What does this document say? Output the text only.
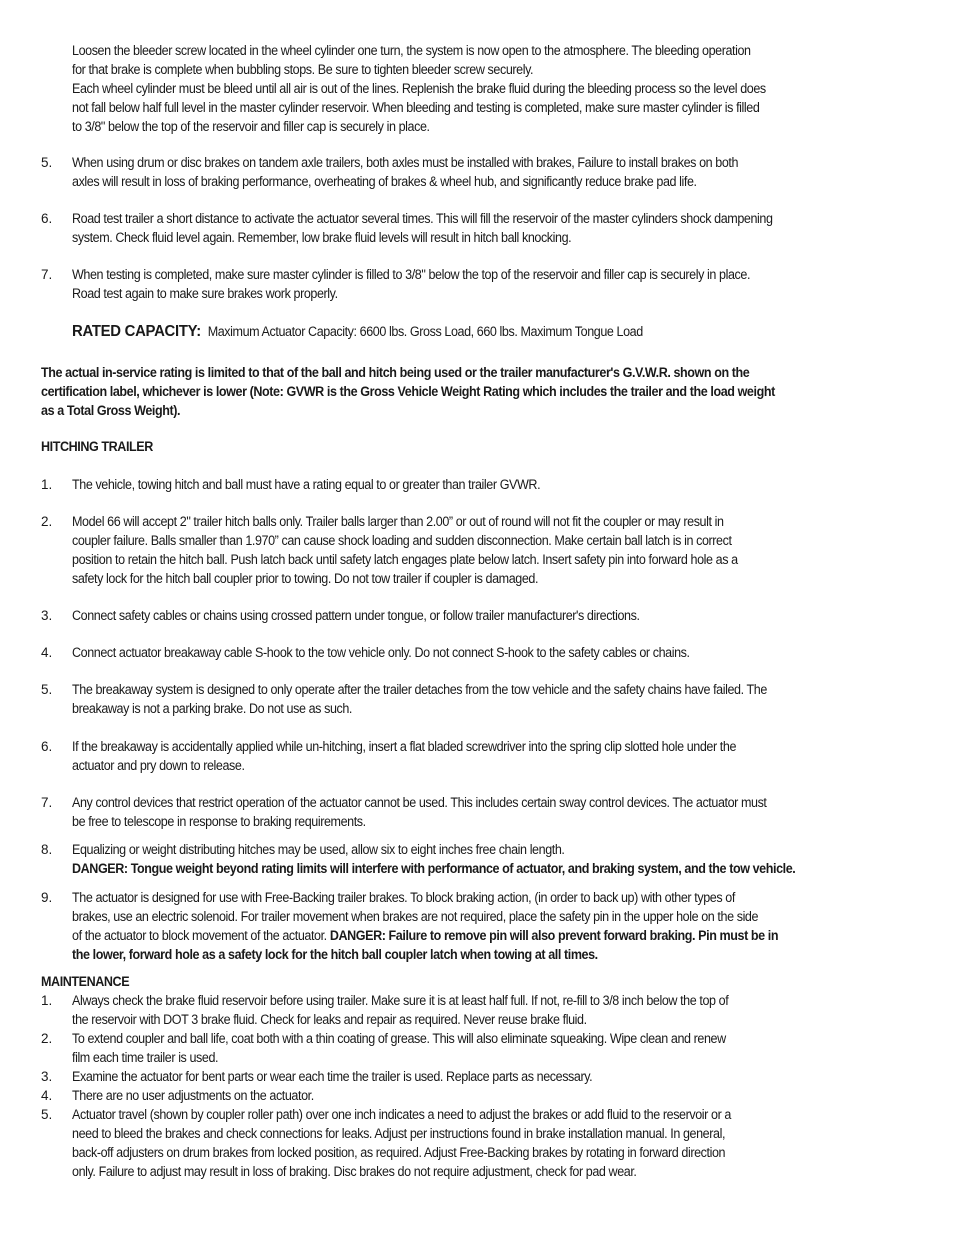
Loosen the bleeder screw located in the wheel cylinder one turn, the system is now open to the atmosphere. The bleeding operation
for that brake is complete when bubbling stops. Be sure to tighten bleeder screw securely.
Each wheel cylinder must be bleed until all air is out of the lines. Replenish the brake fluid during the bleeding process so the level does
not fall below half full level in the master cylinder reservoir. When bleeding and testing is completed, make sure master cylinder is filled
to 3/8" below the top of the reservoir and filler cap is securely in place.
5. When using drum or disc brakes on tandem axle trailers, both axles must be installed with brakes, Failure to install brakes on both
axles will result in loss of braking performance, overheating of brakes & wheel hub, and significantly reduce brake pad life.
6. Road test trailer a short distance to activate the actuator several times. This will fill the reservoir of the master cylinders shock dampening
system. Check fluid level again. Remember, low brake fluid levels will result in hitch ball knocking.
7. When testing is completed, make sure master cylinder is filled to 3/8" below the top of the reservoir and filler cap is securely in place.
Road test again to make sure brakes work properly.
RATED CAPACITY: Maximum Actuator Capacity: 6600 lbs. Gross Load, 660 lbs. Maximum Tongue Load
The actual in-service rating is limited to that of the ball and hitch being used or the trailer manufacturer's G.V.W.R. shown on the
certification label, whichever is lower (Note: GVWR is the Gross Vehicle Weight Rating which includes the trailer and the load weight
as a Total Gross Weight).
HITCHING TRAILER
1. The vehicle, towing hitch and ball must have a rating equal to or greater than trailer GVWR.
2. Model 66 will accept 2" trailer hitch balls only. Trailer balls larger than 2.00” or out of round will not fit the coupler or may result in
coupler failure. Balls smaller than 1.970” can cause shock loading and sudden disconnection. Make certain ball latch is in correct
position to retain the hitch ball. Push latch back until safety latch engages plate below latch. Insert safety pin into forward hole as a
safety lock for the hitch ball coupler prior to towing. Do not tow trailer if coupler is damaged.
3. Connect safety cables or chains using crossed pattern under tongue, or follow trailer manufacturer's directions.
4. Connect actuator breakaway cable S-hook to the tow vehicle only. Do not connect S-hook to the safety cables or chains.
5. The breakaway system is designed to only operate after the trailer detaches from the tow vehicle and the safety chains have failed. The
breakaway is not a parking brake. Do not use as such.
6. If the breakaway is accidentally applied while un-hitching, insert a flat bladed screwdriver into the spring clip slotted hole under the
actuator and pry down to release.
7. Any control devices that restrict operation of the actuator cannot be used. This includes certain sway control devices. The actuator must
be free to telescope in response to braking requirements.
8. Equalizing or weight distributing hitches may be used, allow six to eight inches free chain length.
DANGER: Tongue weight beyond rating limits will interfere with performance of actuator, and braking system, and the tow vehicle.
9. The actuator is designed for use with Free-Backing trailer brakes. To block braking action, (in order to back up) with other types of
brakes, use an electric solenoid. For trailer movement when brakes are not required, place the safety pin in the upper hole on the side
of the actuator to block movement of the actuator. DANGER: Failure to remove pin will also prevent forward braking. Pin must be in
the lower, forward hole as a safety lock for the hitch ball coupler latch when towing at all times.
MAINTENANCE
1. Always check the brake fluid reservoir before using trailer. Make sure it is at least half full. If not, re-fill to 3/8 inch below the top of
the reservoir with DOT 3 brake fluid. Check for leaks and repair as required. Never reuse brake fluid.
2. To extend coupler and ball life, coat both with a thin coating of grease. This will also eliminate squeaking. Wipe clean and renew
film each time trailer is used.
3. Examine the actuator for bent parts or wear each time the trailer is used. Replace parts as necessary.
4. There are no user adjustments on the actuator.
5. Actuator travel (shown by coupler roller path) over one inch indicates a need to adjust the brakes or add fluid to the reservoir or a
need to bleed the brakes and check connections for leaks. Adjust per instructions found in brake installation manual. In general,
back-off adjusters on drum brakes from locked position, as required. Adjust Free-Backing brakes by rotating in forward direction
only. Failure to adjust may result in loss of braking. Disc brakes do not require adjustment, check for pad wear.
